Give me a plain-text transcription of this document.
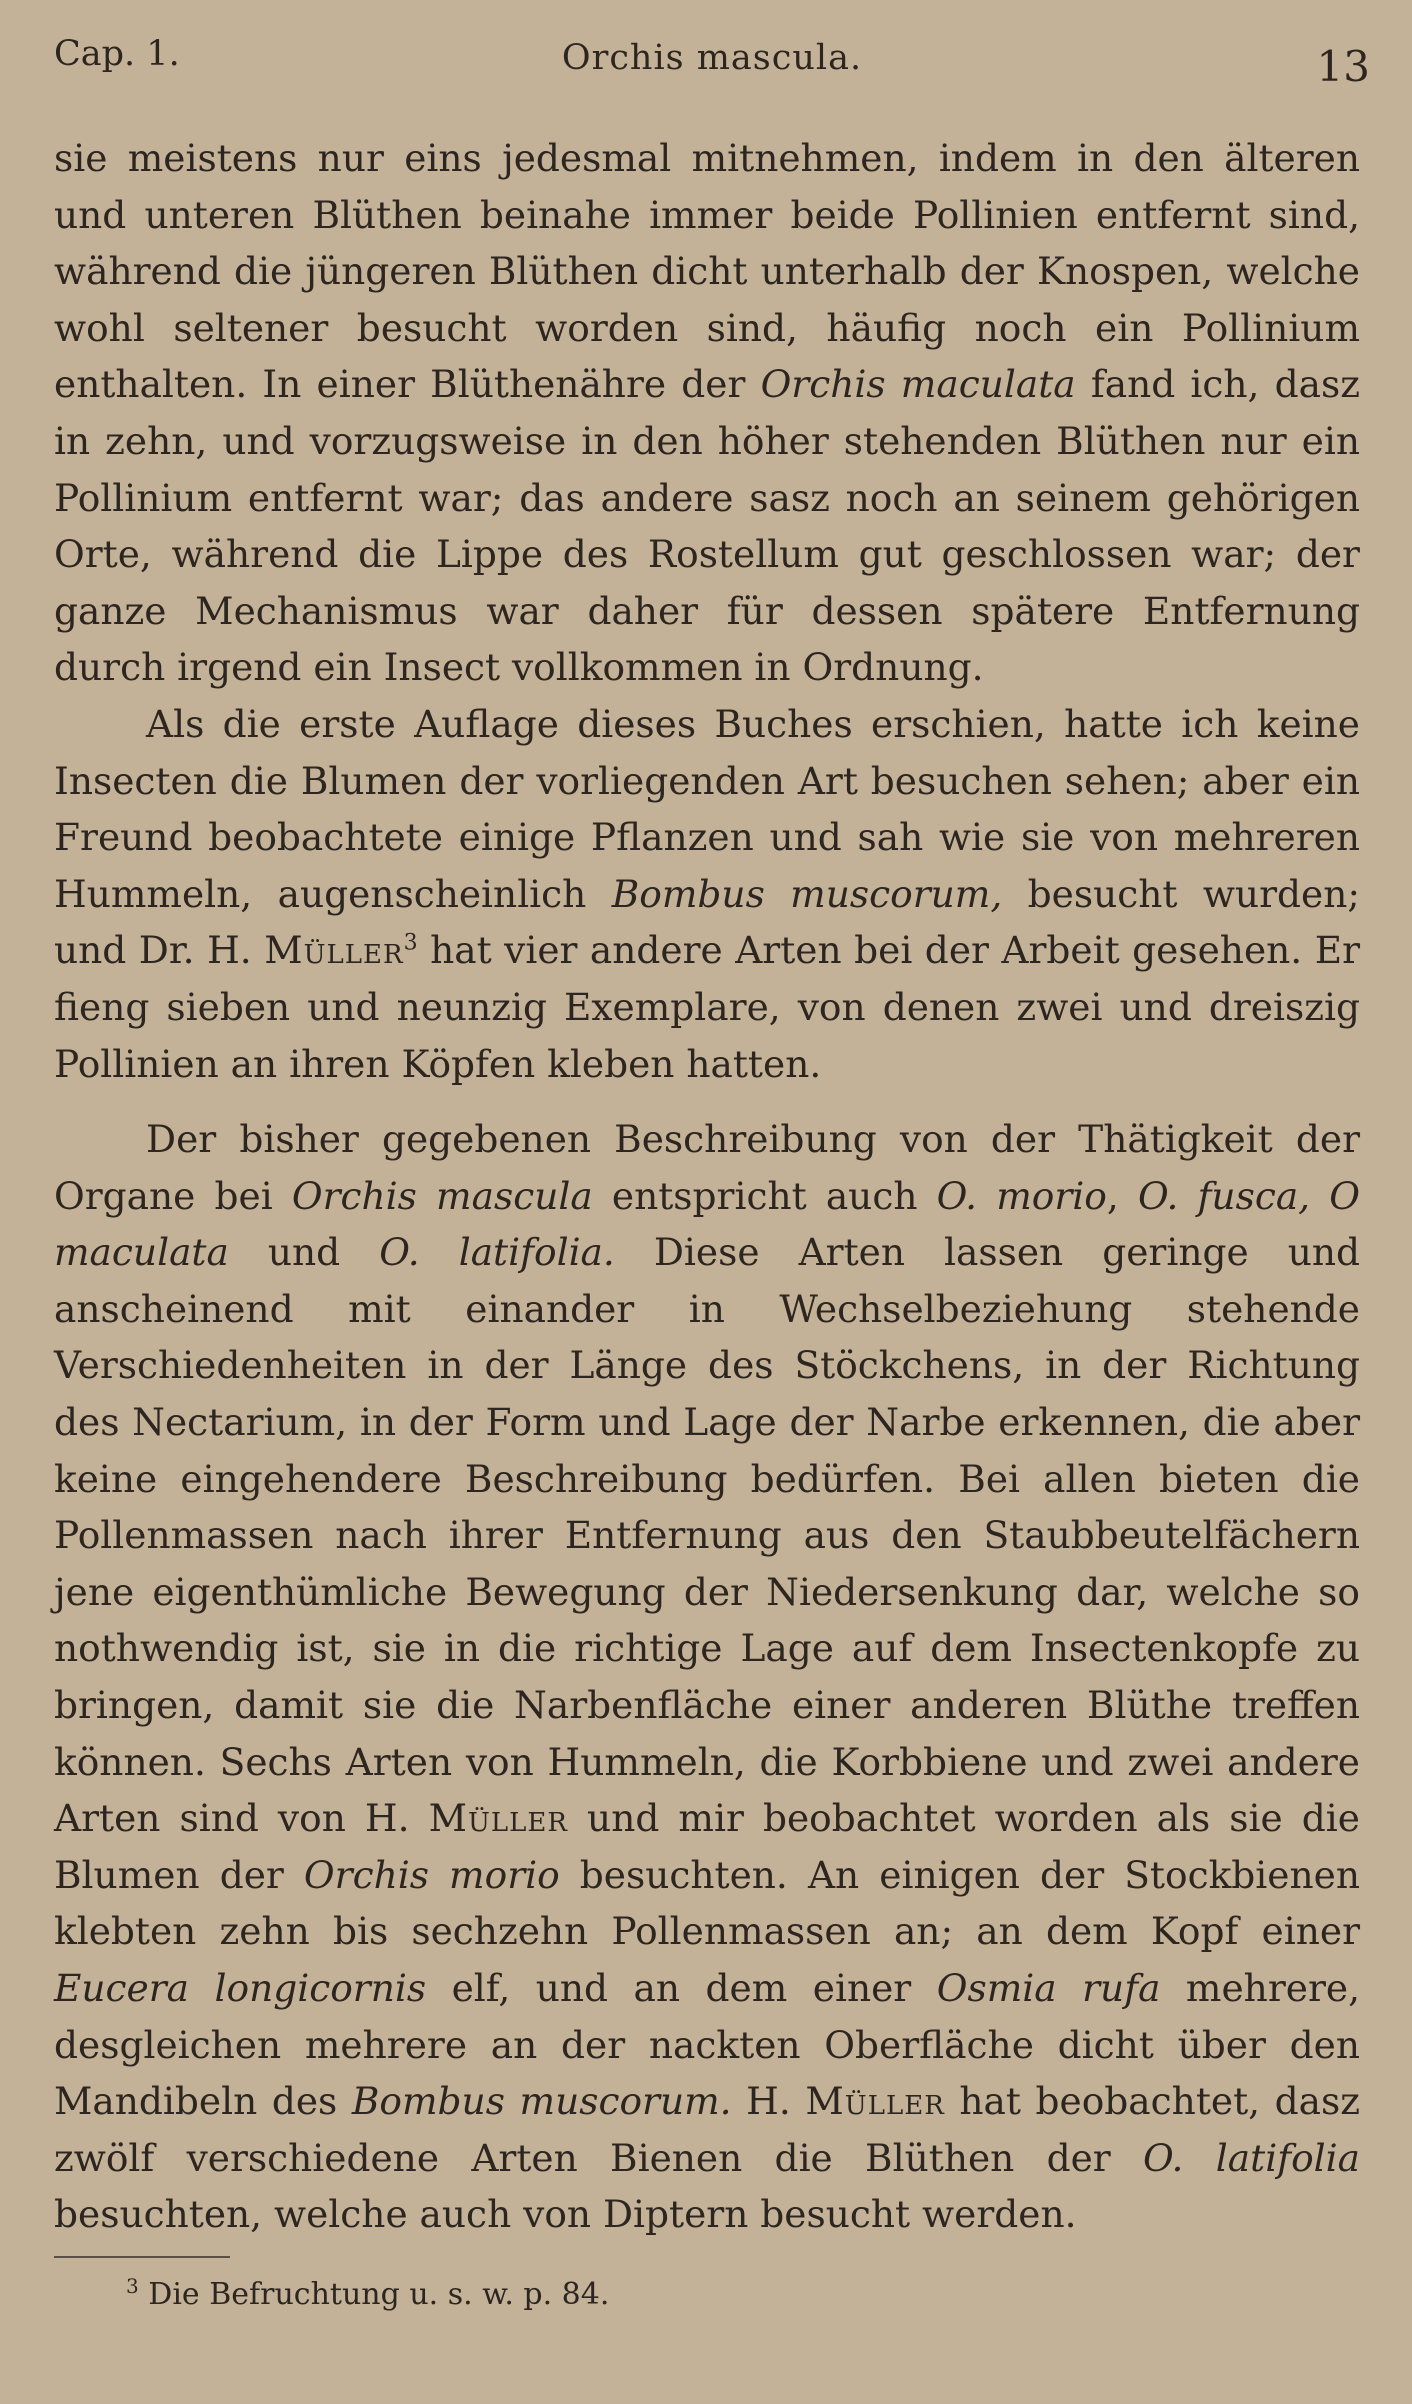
Cap. 1.	Orchis mascula.	13

sie meistens nur eins jedesmal mitnehmen, indem in den älteren und unteren Blüthen beinahe immer beide Pollinien entfernt sind, während die jüngeren Blüthen dicht unterhalb der Knospen, welche wohl seltener besucht worden sind, häufig noch ein Pollinium enthalten. In einer Blüthenähre der Orchis maculata fand ich, dasz in zehn, und vorzugsweise in den höher stehenden Blüthen nur ein Pollinium entfernt war; das andere sasz noch an seinem gehörigen Orte, während die Lippe des Rostellum gut geschlossen war; der ganze Mechanismus war daher für dessen spätere Entfernung durch irgend ein Insect vollkommen in Ordnung.

Als die erste Auflage dieses Buches erschien, hatte ich keine Insecten die Blumen der vorliegenden Art besuchen sehen; aber ein Freund beobachtete einige Pflanzen und sah wie sie von mehreren Hummeln, augenscheinlich Bombus muscorum, besucht wurden; und Dr. H. Müller$^3$ hat vier andere Arten bei der Arbeit gesehen. Er fieng sieben und neunzig Exemplare, von denen zwei und dreiszig Pollinien an ihren Köpfen kleben hatten.

Der bisher gegebenen Beschreibung von der Thätigkeit der Organe bei Orchis mascula entspricht auch O. morio, O. fusca, O maculata und O. latifolia. Diese Arten lassen geringe und anscheinend mit einander in Wechselbeziehung stehende Verschiedenheiten in der Länge des Stöckchens, in der Richtung des Nectarium, in der Form und Lage der Narbe erkennen, die aber keine eingehendere Beschreibung bedürfen. Bei allen bieten die Pollenmassen nach ihrer Entfernung aus den Staubbeutelfächern jene eigenthümliche Bewegung der Niedersenkung dar, welche so nothwendig ist, sie in die richtige Lage auf dem Insectenkopfe zu bringen, damit sie die Narbenfläche einer anderen Blüthe treffen können. Sechs Arten von Hummeln, die Korbbiene und zwei andere Arten sind von H. Müller und mir beobachtet worden als sie die Blumen der Orchis morio besuchten. An einigen der Stockbienen klebten zehn bis sechzehn Pollenmassen an; an dem Kopf einer Eucera longicornis elf, und an dem einer Osmia rufa mehrere, desgleichen mehrere an der nackten Oberfläche dicht über den Mandibeln des Bombus muscorum. H. Müller hat beobachtet, dasz zwölf verschiedene Arten Bienen die Blüthen der O. latifolia besuchten, welche auch von Diptern besucht werden.

$^3$ Die Befruchtung u. s. w. p. 84.
